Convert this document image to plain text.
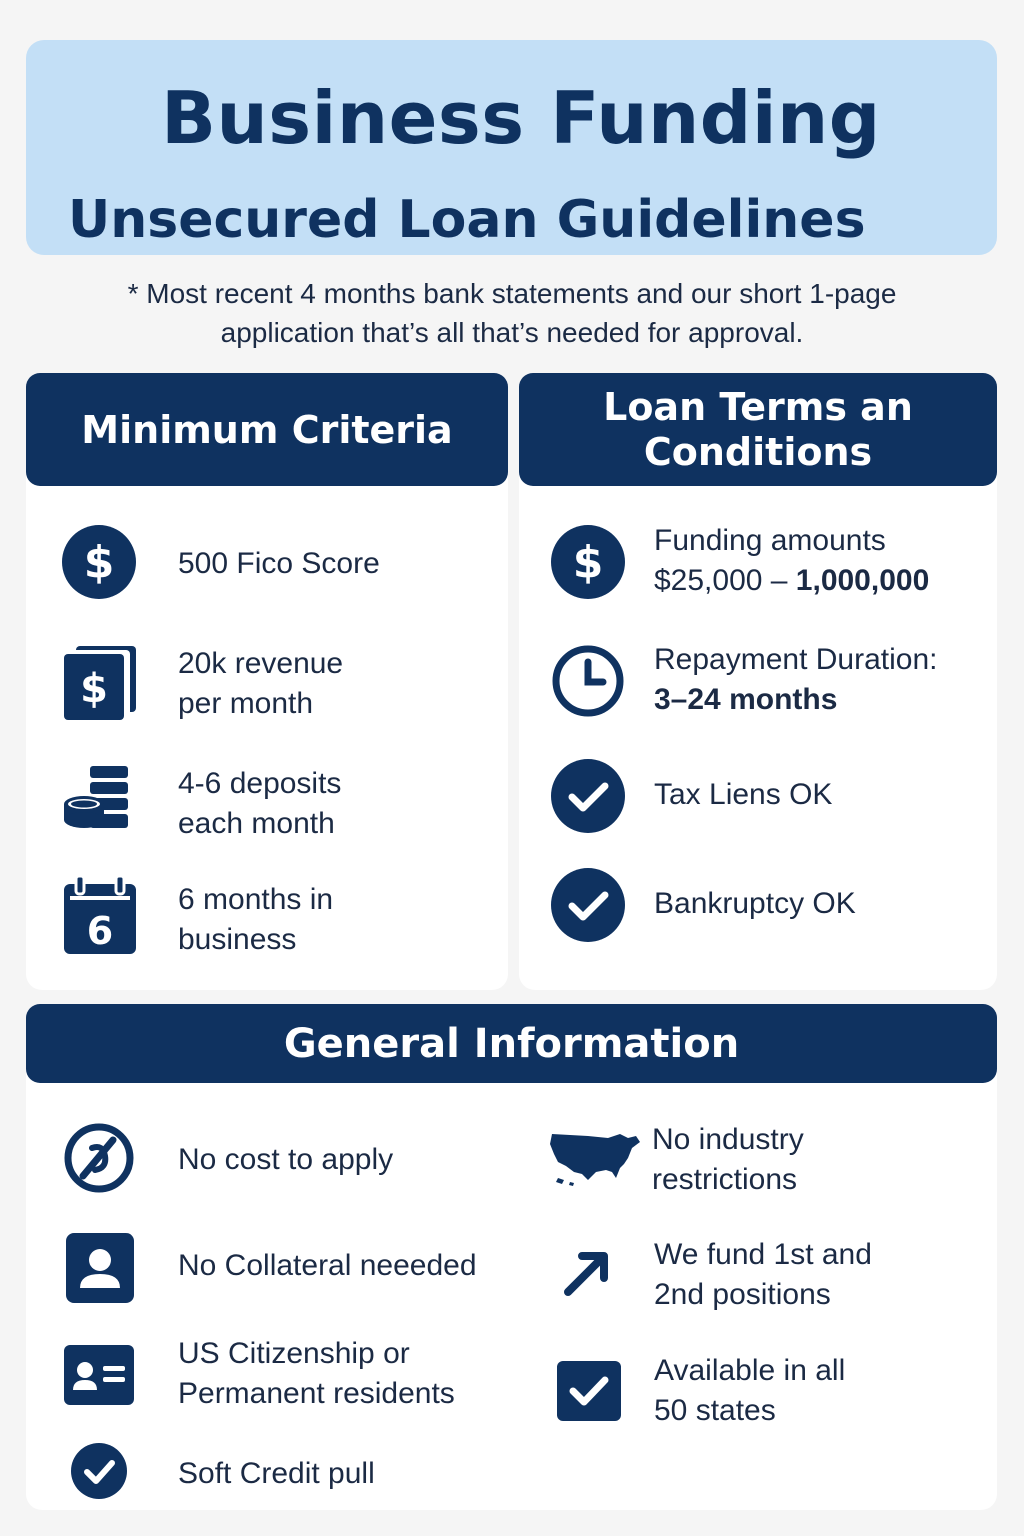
Business Funding
Unsecured Loan Guidelines
* Most recent 4 months bank statements and our short 1-page
application that’s all that’s needed for approval.
Minimum Criteria
$ 500 Fico Score
$
20k revenue
per month
4-6 deposits
each month
6
6 months in
business
Loan Terms an
Conditions
$ Funding amounts
$25,000 – 1,000,000
Repayment Duration:
3–24 months
Tax Liens OK
Bankruptcy OK
General Information
No cost to apply
No Collateral neeeded
US Citizenship or
Permanent residents
Soft Credit pull
No industry
restrictions
We fund 1st and
2nd positions
Available in all
50 states
